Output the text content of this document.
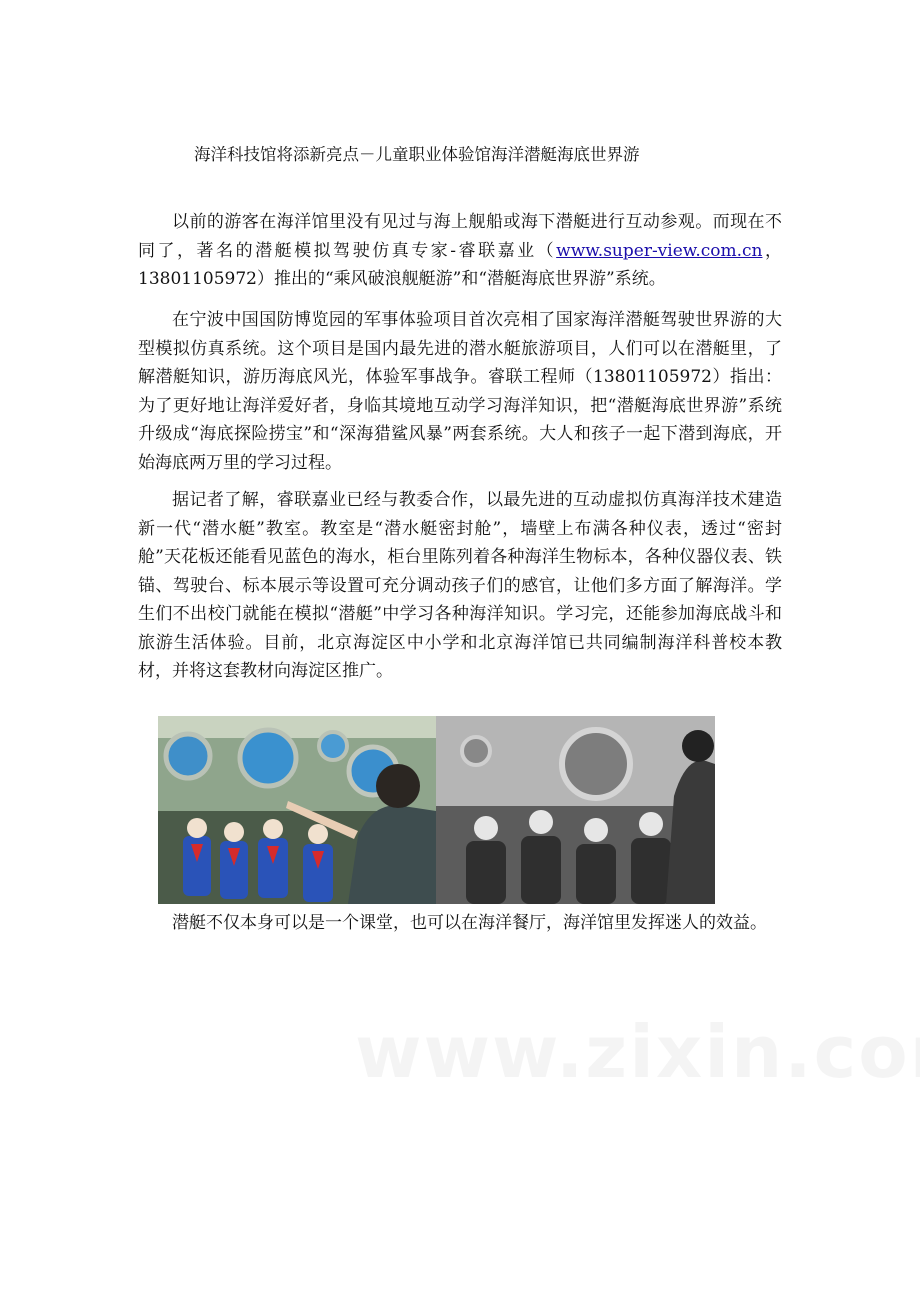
海洋科技馆将添新亮点－儿童职业体验馆海洋潜艇海底世界游

以前的游客在海洋馆里没有见过与海上舰船或海下潜艇进行互动参观。而现在不同了，著名的潜艇模拟驾驶仿真专家-睿联嘉业（www.super-view.com.cn，13801105972）推出的“乘风破浪舰艇游”和“潜艇海底世界游”系统。

在宁波中国国防博览园的军事体验项目首次亮相了国家海洋潜艇驾驶世界游的大型模拟仿真系统。这个项目是国内最先进的潜水艇旅游项目，人们可以在潜艇里，了解潜艇知识，游历海底风光，体验军事战争。睿联工程师（13801105972）指出：为了更好地让海洋爱好者，身临其境地互动学习海洋知识，把“潜艇海底世界游”系统升级成“海底探险捞宝”和“深海猎鲨风暴”两套系统。大人和孩子一起下潜到海底，开始海底两万里的学习过程。

据记者了解，睿联嘉业已经与教委合作，以最先进的互动虚拟仿真海洋技术建造新一代“潜水艇”教室。教室是“潜水艇密封舱”，墙壁上布满各种仪表，透过“密封舱”天花板还能看见蓝色的海水，柜台里陈列着各种海洋生物标本，各种仪器仪表、铁锚、驾驶台、标本展示等设置可充分调动孩子们的感官，让他们多方面了解海洋。学生们不出校门就能在模拟“潜艇”中学习各种海洋知识。学习完，还能参加海底战斗和旅游生活体验。目前，北京海淀区中小学和北京海洋馆已共同编制海洋科普校本教材，并将这套教材向海淀区推广。

潜艇不仅本身可以是一个课堂，也可以在海洋餐厅，海洋馆里发挥迷人的效益。
